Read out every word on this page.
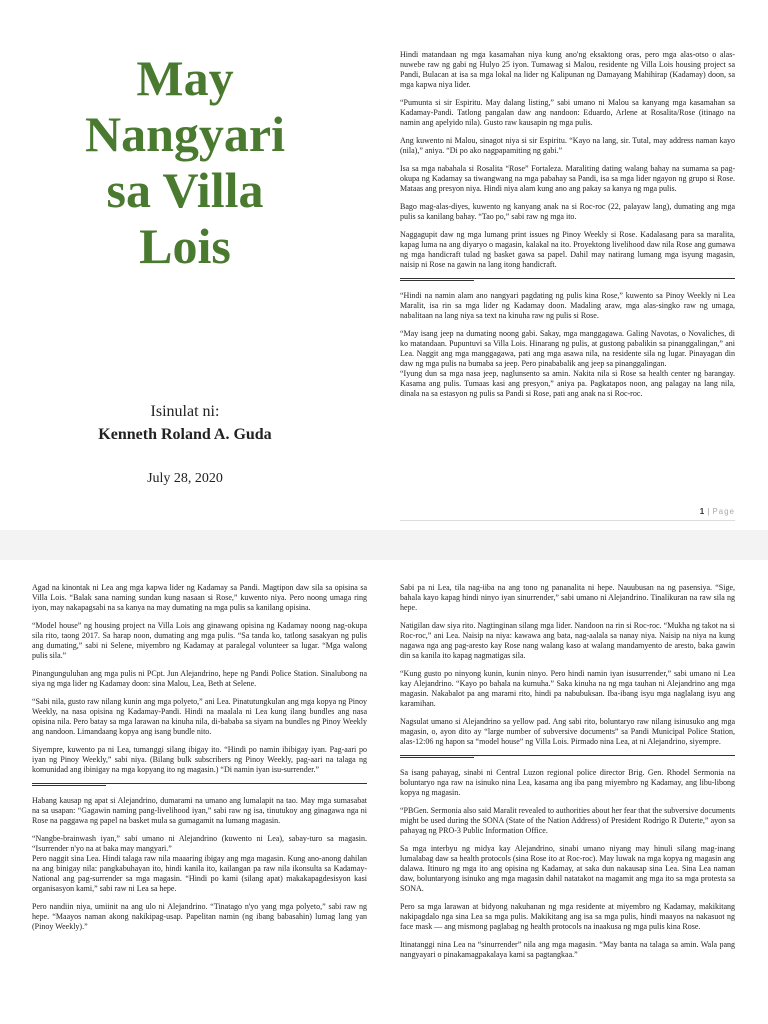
May
Nangyari
sa Villa
Lois
Isinulat ni:
Kenneth Roland A. Guda
July 28, 2020

Hindi matandaan ng mga kasamahan niya kung ano'ng eksaktong oras, pero mga alas-otso o alas-nuwebe raw ng gabi ng Hulyo 25 iyon. Tumawag si Malou, residente ng Villa Lois housing project sa Pandi, Bulacan at isa sa mga lokal na lider ng Kalipunan ng Damayang Mahihirap (Kadamay) doon, sa mga kapwa niya lider.

“Pumunta si sir Espiritu. May dalang listing,” sabi umano ni Malou sa kanyang mga kasamahan sa Kadamay-Pandi. Tatlong pangalan daw ang nandoon: Eduardo, Arlene at Rosalita/Rose (itinago na namin ang apelyido nila). Gusto raw kausapin ng mga pulis.

Ang kuwento ni Malou, sinagot niya si sir Espiritu. “Kayo na lang, sir. Tutal, may address naman kayo (nila),” aniya. “Di po ako nagpapamiting ng gabi.”

Isa sa mga nabahala si Rosalita “Rose” Fortaleza. Maraliting dating walang bahay na sumama sa pag-okupa ng Kadamay sa tiwangwang na mga pabahay sa Pandi, isa sa mga lider ngayon ng grupo si Rose. Mataas ang presyon niya. Hindi niya alam kung ano ang pakay sa kanya ng mga pulis.

Bago mag-alas-diyes, kuwento ng kanyang anak na si Roc-roc (22, palayaw lang), dumating ang mga pulis sa kanilang bahay. “Tao po,” sabi raw ng mga ito.

Naggagupit daw ng mga lumang print issues ng Pinoy Weekly si Rose. Kadalasang para sa maralita, kapag luma na ang diyaryo o magasin, kalakal na ito. Proyektong livelihood daw nila Rose ang gumawa ng mga handicraft tulad ng basket gawa sa papel. Dahil may natirang lumang mga isyung magasin, naisip ni Rose na gawin na lang itong handicraft.

“Hindi na namin alam ano nangyari pagdating ng pulis kina Rose,” kuwento sa Pinoy Weekly ni Lea Maralit, isa rin sa mga lider ng Kadamay doon. Madaling araw, mga alas-singko raw ng umaga, nabalitaan na lang niya sa text na kinuha raw ng pulis si Rose.

“May isang jeep na dumating noong gabi. Sakay, mga manggagawa. Galing Navotas, o Novaliches, di ko matandaan. Pupuntuvi sa Villa Lois. Hinarang ng pulis, at gustong pabalikin sa pinanggalingan,” ani Lea. Naggit ang mga manggagawa, pati ang mga asawa nila, na residente sila ng lugar. Pinayagan din daw ng mga pulis na bumaba sa jeep. Pero pinababalik ang jeep sa pinanggalingan.
“Iyung dun sa mga nasa jeep, naglunsento sa amin. Nakita nila si Rose sa health center ng barangay. Kasama ang pulis. Tumaas kasi ang presyon,” aniya pa. Pagkatapos noon, ang palagay na lang nila, dinala na sa estasyon ng pulis sa Pandi si Rose, pati ang anak na si Roc-roc.

1 | Page

Agad na kinontak ni Lea ang mga kapwa lider ng Kadamay sa Pandi. Magtipon daw sila sa opisina sa Villa Lois. “Balak sana naming sundan kung nasaan si Rose,” kuwento niya. Pero noong umaga ring iyon, may nakapagsabi na sa kanya na may dumating na mga pulis sa kanilang opisina.

“Model house” ng housing project na Villa Lois ang ginawang opisina ng Kadamay noong nag-okupa sila rito, taong 2017. Sa harap noon, dumating ang mga pulis. “Sa tanda ko, tatlong sasakyan ng pulis ang dumating,” sabi ni Selene, miyembro ng Kadamay at paralegal volunteer sa lugar. “Mga walong pulis sila.”

Pinangunguluhan ang mga pulis ni PCpt. Jun Alejandrino, hepe ng Pandi Police Station. Sinalubong na siya ng mga lider ng Kadamay doon: sina Malou, Lea, Beth at Selene.

“Sabi nila, gusto raw nilang kunin ang mga polyeto,” ani Lea. Pinatutungkulan ang mga kopya ng Pinoy Weekly, na nasa opisina ng Kadamay-Pandi. Hindi na maalala ni Lea kung ilang bundles ang nasa opisina nila. Pero batay sa mga larawan na kinuha nila, di-bababa sa siyam na bundles ng Pinoy Weekly ang nandoon. Limandaang kopya ang isang bundle nito.

Siyempre, kuwento pa ni Lea, tumanggi silang ibigay ito. “Hindi po namin ibibigay iyan. Pag-aari po iyan ng Pinoy Weekly,” sabi niya. (Bilang bulk subscribers ng Pinoy Weekly, pag-aari na talaga ng komunidad ang ibinigay na mga kopyang ito ng magasin.) “Di namin iyan isu-surrender.”

Habang kausap ng apat si Alejandrino, dumarami na umano ang lumalapit na tao. May mga sumasabat na sa usapan: “Gagawin naming pang-livelihood iyan,” sabi raw ng isa, tinutukoy ang ginagawa nga ni Rose na paggawa ng papel na basket mula sa gumagamit na lumang magasin.

“Nangbe-brainwash iyan,” sabi umano ni Alejandrino (kuwento ni Lea), sabay-turo sa magasin. “Isurrender n'yo na at baka may mangyari.”
Pero naggit sina Lea. Hindi talaga raw nila maaaring ibigay ang mga magasin. Kung ano-anong dahilan na ang binigay nila: pangkabuhayan ito, hindi kanila ito, kailangan pa raw nila ikonsulta sa Kadamay-National ang pag-surrender sa mga magasin. “Hindi po kami (silang apat) makakapagdesisyon kasi organisasyon kami,” sabi raw ni Lea sa hepe.

Pero nandiin niya, umiinit na ang ulo ni Alejandrino. “Tinatago n'yo yang mga polyeto,” sabi raw ng hepe. “Maayos naman akong nakikipag-usap. Papelitan namin (ng ibang babasahin) lumag lang yan (Pinoy Weekly).”

Sabi pa ni Lea, tila nag-iiba na ang tono ng pananalita ni hepe. Nauubusan na ng pasensiya. “Sige, bahala kayo kapag hindi ninyo iyan sinurrender,” sabi umano ni Alejandrino. Tinalikuran na raw sila ng hepe.

Natigilan daw siya rito. Nagtinginan silang mga lider. Nandoon na rin si Roc-roc. “Mukha ng takot na si Roc-roc,” ani Lea. Naisip na niya: kawawa ang bata, nag-aalala sa nanay niya. Naisip na niya na kung nagawa nga ang pag-aresto kay Rose nang walang kaso at walang mandamyento de aresto, baka gawin din sa kanila ito kapag nagmatigas sila.

“Kung gusto po ninyong kunin, kunin ninyo. Pero hindi namin iyan isusurrender,” sabi umano ni Lea kay Alejandrino. “Kayo po bahala na kumuha.” Saka kinuha na ng mga tauhan ni Alejandrino ang mga magasin. Nakabalot pa ang marami rito, hindi pa nabubuksan. Iba-ibang isyu mga naglalang isyu ang karamihan.

Nagsulat umano si Alejandrino sa yellow pad. Ang sabi rito, boluntaryo raw nilang isinusuko ang mga magasin, o, ayon dito ay “large number of subversive documents” sa Pandi Municipal Police Station, alas-12:06 ng hapon sa “model house” ng Villa Lois. Pirmado nina Lea, at ni Alejandrino, siyempre.

Sa isang pahayag, sinabi ni Central Luzon regional police director Brig. Gen. Rhodel Sermonia na boluntaryo nga raw na isinuko nina Lea, kasama ang iba pang miyembro ng Kadamay, ang libu-libong kopya ng magasin.

“PBGen. Sermonia also said Maralit revealed to authorities about her fear that the subversive documents might be used during the SONA (State of the Nation Address) of President Rodrigo R Duterte,” ayon sa pahayag ng PRO-3 Public Information Office.

Sa mga interbyu ng midya kay Alejandrino, sinabi umano niyang may hinuli silang mag-inang lumalabag daw sa health protocols (sina Rose ito at Roc-roc). May luwak na mga kopya ng magasin ang dalawa. Itinuro ng mga ito ang opisina ng Kadamay, at saka dun nakausap sina Lea. Sina Lea naman daw, boluntaryong isinuko ang mga magasin dahil natatakot na magamit ang mga ito sa mga protesta sa SONA.

Pero sa mga larawan at bidyong nakuhanan ng mga residente at miyembro ng Kadamay, makikitang nakipagdalo nga sina Lea sa mga pulis. Makikitang ang isa sa mga pulis, hindi maayos na nakasuot ng face mask — ang mismong paglabag ng health protocols na inaakusa ng mga pulis kina Rose.

Itinatanggi nina Lea na “sinurrender” nila ang mga magasin. “May banta na talaga sa amin. Wala pang nangyayari o pinakamagpakalaya kami sa pagtangkaa.”
